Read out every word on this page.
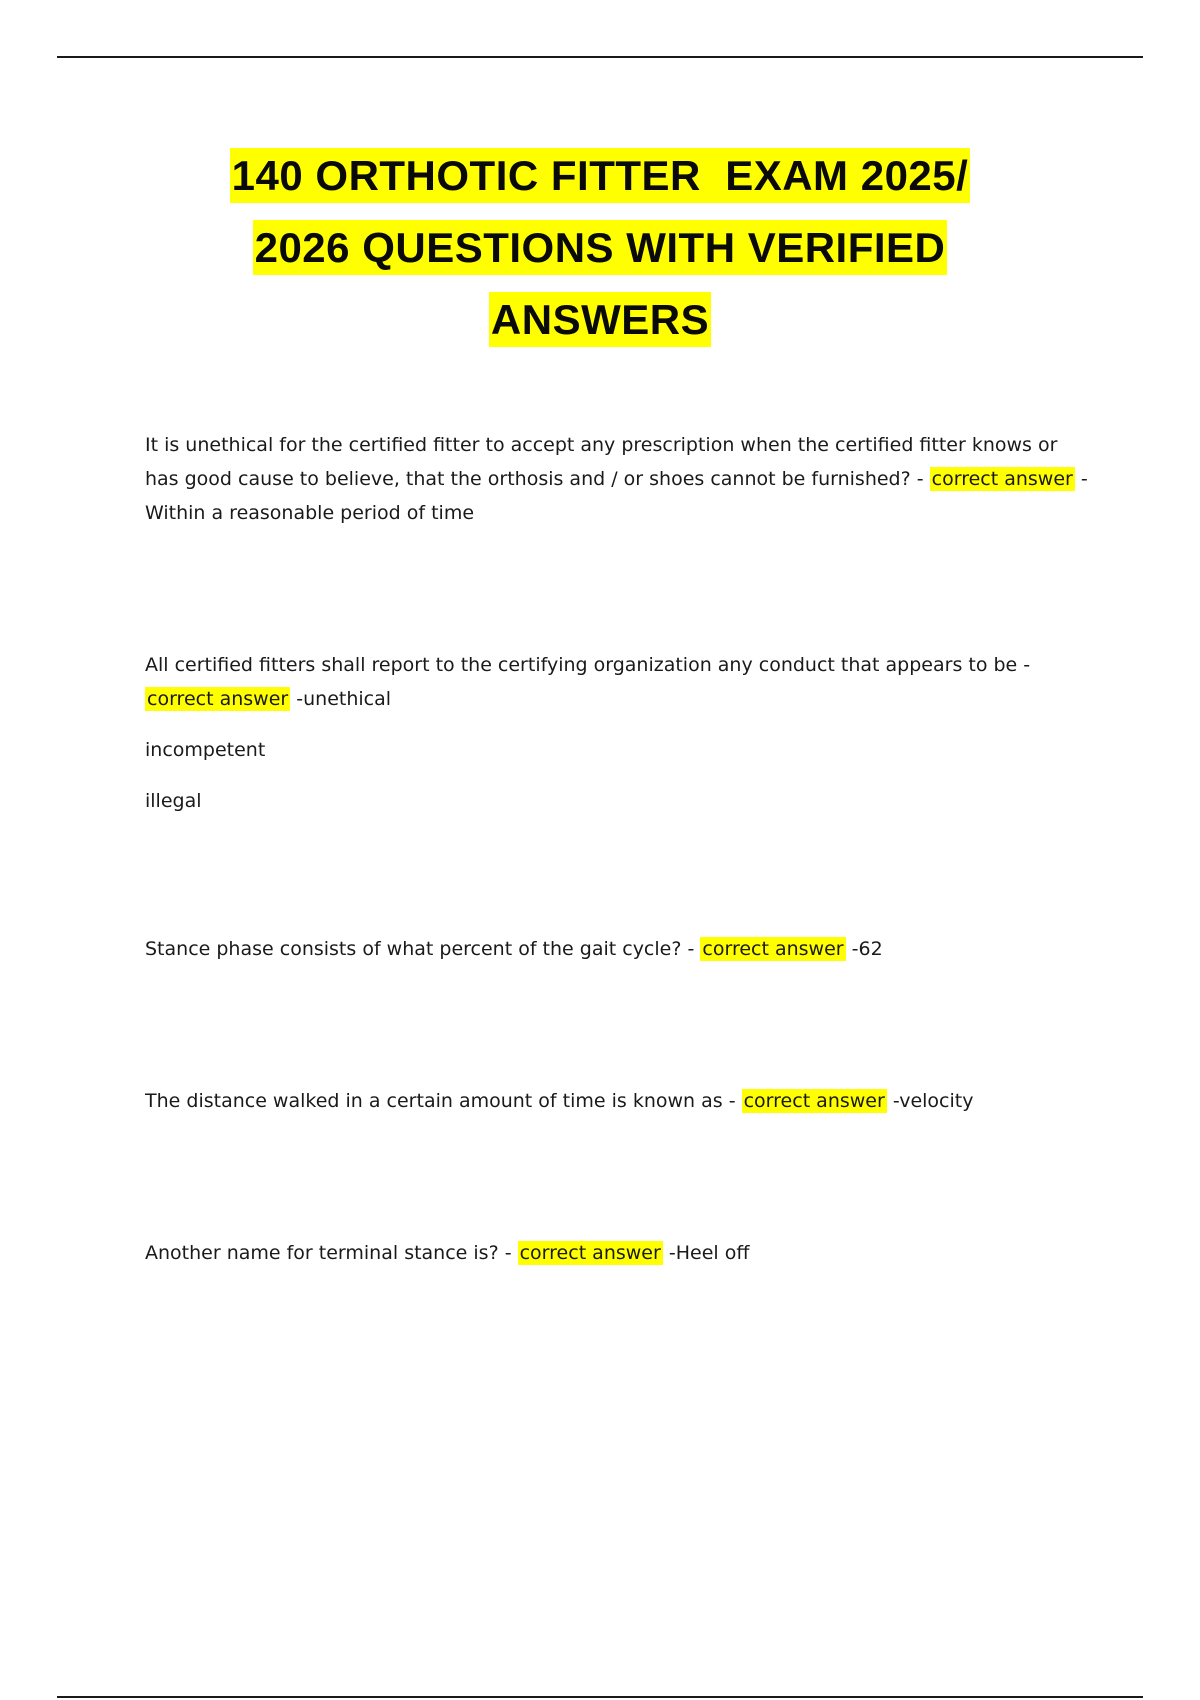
140 ORTHOTIC FITTER  EXAM 2025/
2026 QUESTIONS WITH VERIFIED
ANSWERS
It is unethical for the certified fitter to accept any prescription when the certified fitter knows or has good cause to believe, that the orthosis and / or shoes cannot be furnished? - correct answer -Within a reasonable period of time
All certified fitters shall report to the certifying organization any conduct that appears to be - correct answer -unethical
incompetent
illegal
Stance phase consists of what percent of the gait cycle? - correct answer -62
The distance walked in a certain amount of time is known as - correct answer -velocity
Another name for terminal stance is? - correct answer -Heel off
